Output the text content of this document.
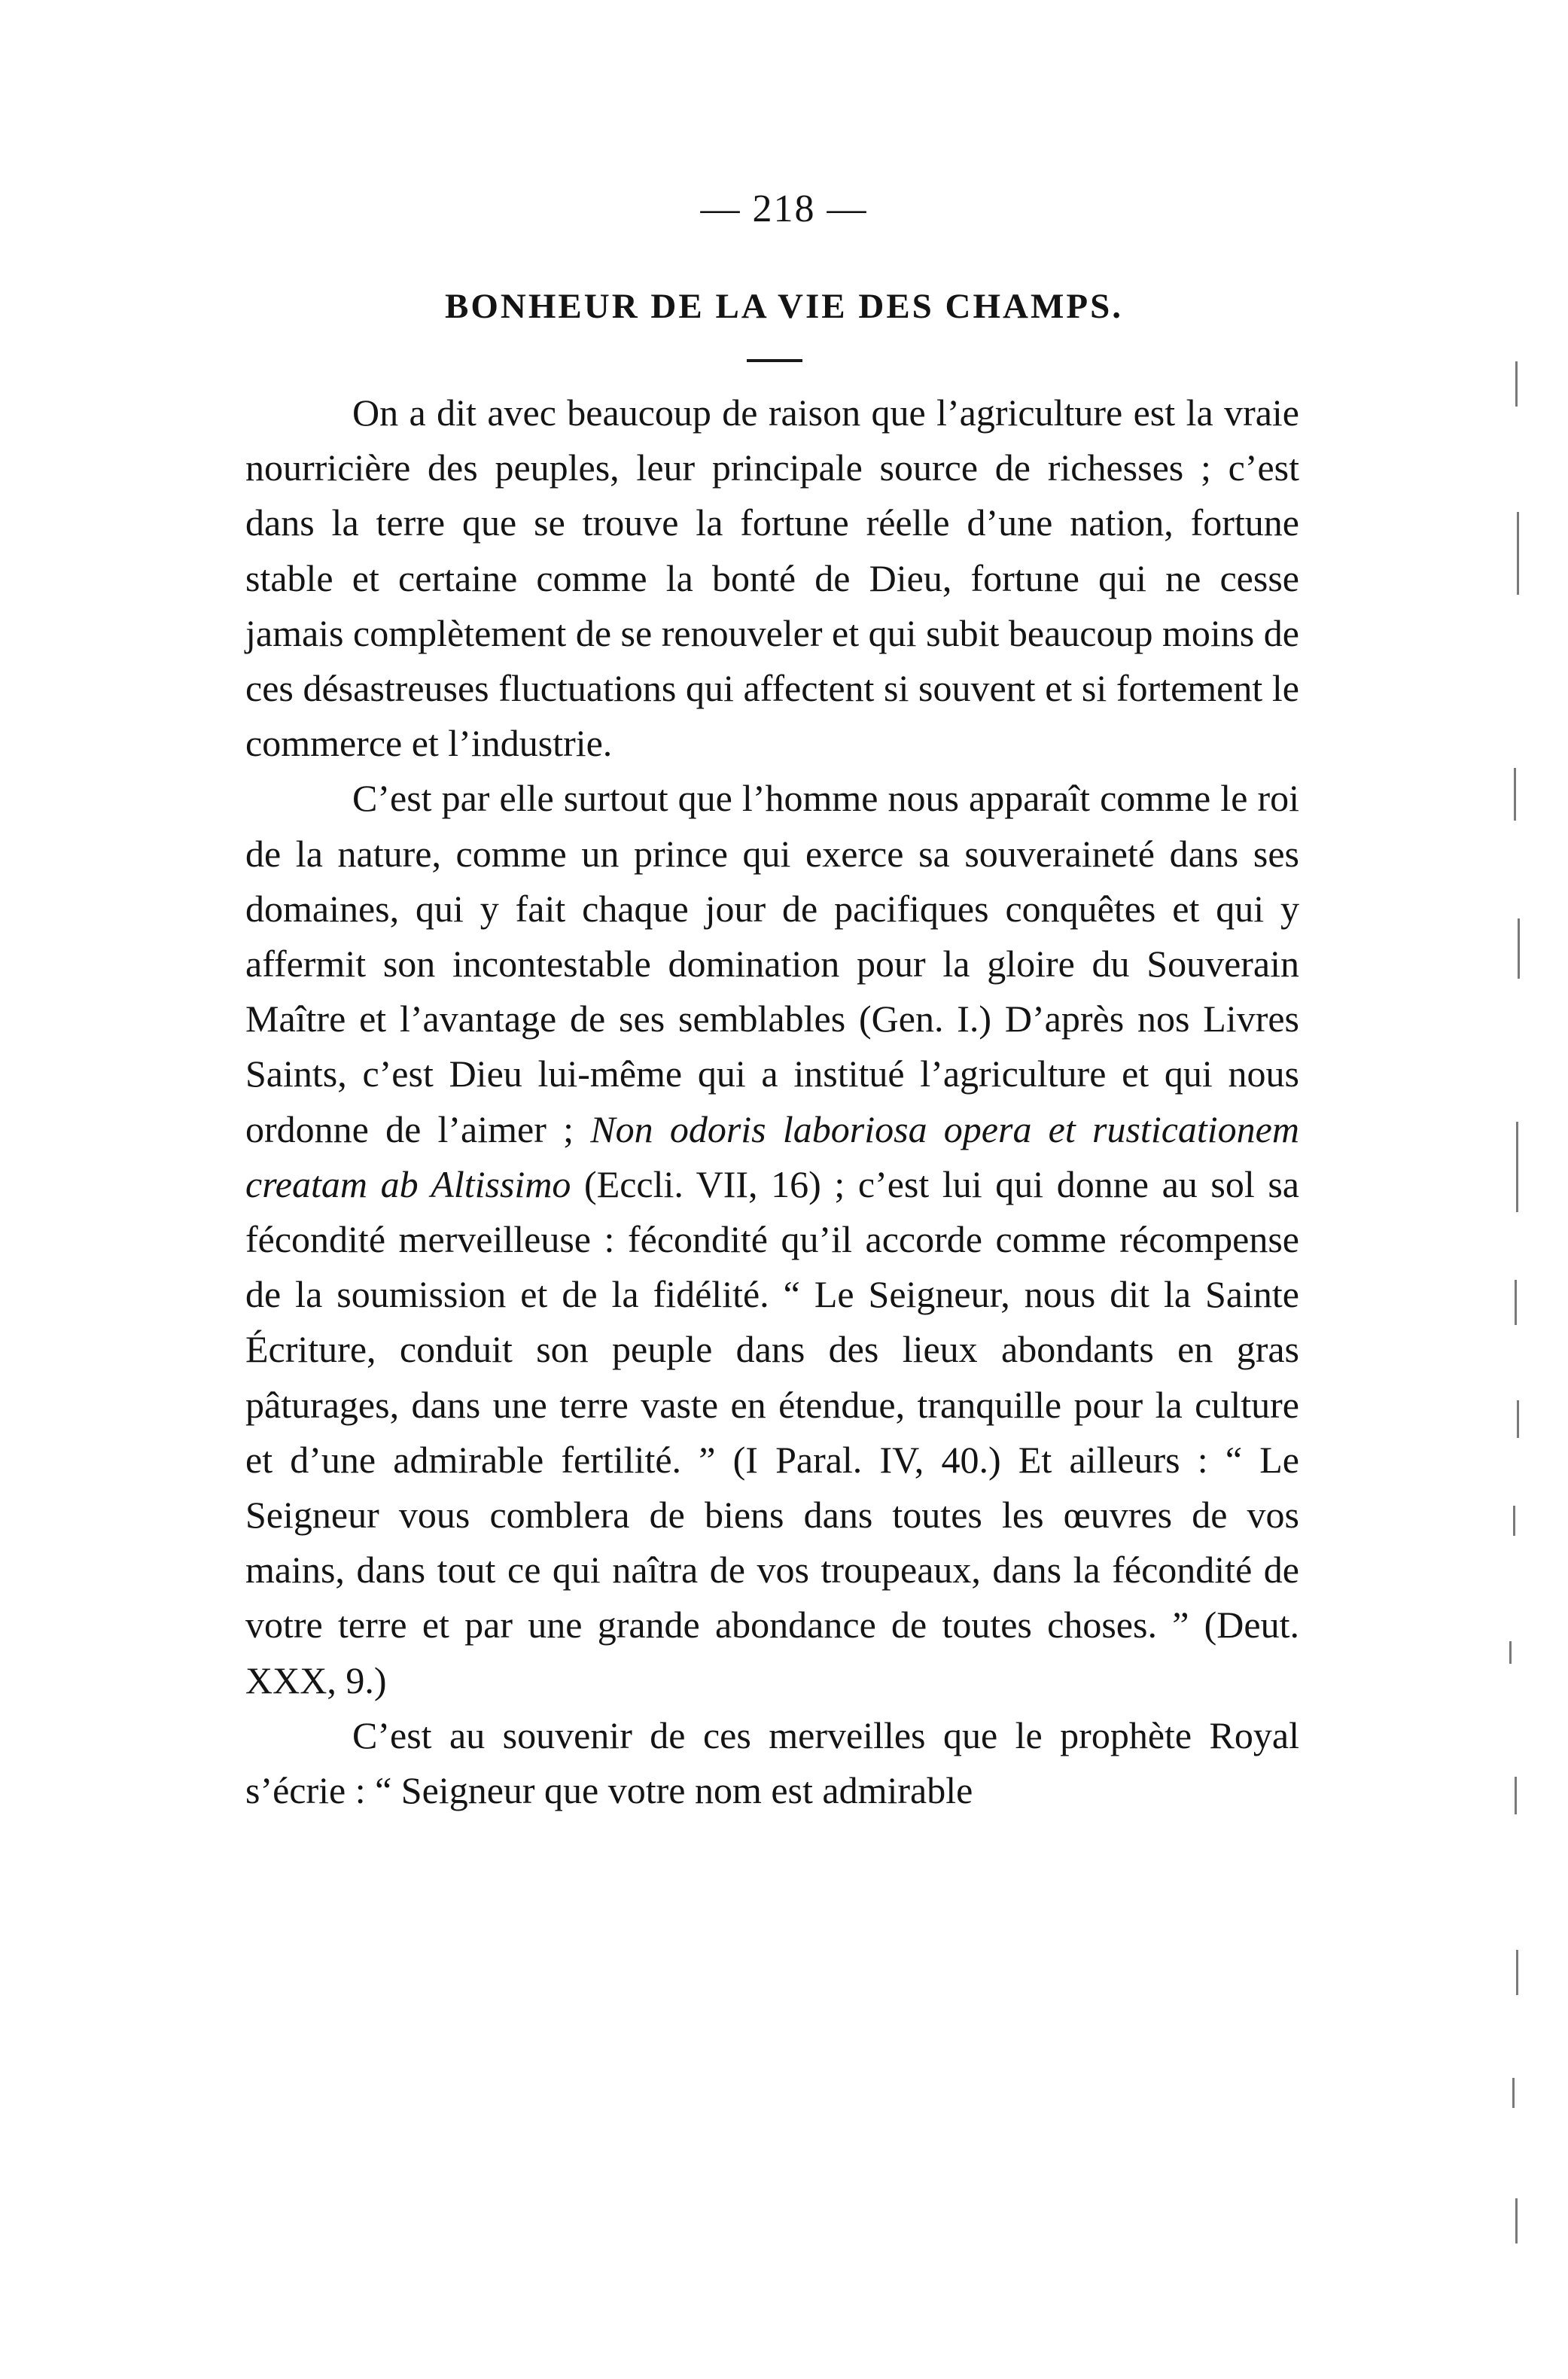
— 218 —
BONHEUR DE LA VIE DES CHAMPS.

On a dit avec beaucoup de raison que l’agriculture est la vraie nourricière des peuples, leur principale source de richesses ; c’est dans la terre que se trouve la fortune réelle d’une nation, fortune stable et certaine comme la bonté de Dieu, fortune qui ne cesse jamais complètement de se renouveler et qui subit beaucoup moins de ces désastreuses fluctuations qui affectent si souvent et si fortement le commerce et l’industrie.

C’est par elle surtout que l’homme nous apparaît comme le roi de la nature, comme un prince qui exerce sa souveraineté dans ses domaines, qui y fait chaque jour de pacifiques conquêtes et qui y affermit son incontestable domination pour la gloire du Souverain Maître et l’avantage de ses semblables (Gen. I.) D’après nos Livres Saints, c’est Dieu lui-même qui a institué l’agriculture et qui nous ordonne de l’aimer ; Non odoris laboriosa opera et rusticationem creatam ab Altissimo (Eccli. VII, 16) ; c’est lui qui donne au sol sa fécondité merveilleuse : fécondité qu’il accorde comme récompense de la soumission et de la fidélité. “ Le Seigneur, nous dit la Sainte Écriture, conduit son peuple dans des lieux abondants en gras pâturages, dans une terre vaste en étendue, tranquille pour la culture et d’une admirable fertilité. ” (I Paral. IV, 40.) Et ailleurs : “ Le Seigneur vous comblera de biens dans toutes les œuvres de vos mains, dans tout ce qui naîtra de vos troupeaux, dans la fécondité de votre terre et par une grande abondance de toutes choses. ” (Deut. XXX, 9.)

C’est au souvenir de ces merveilles que le prophète Royal s’écrie : “ Seigneur que votre nom est admirable
